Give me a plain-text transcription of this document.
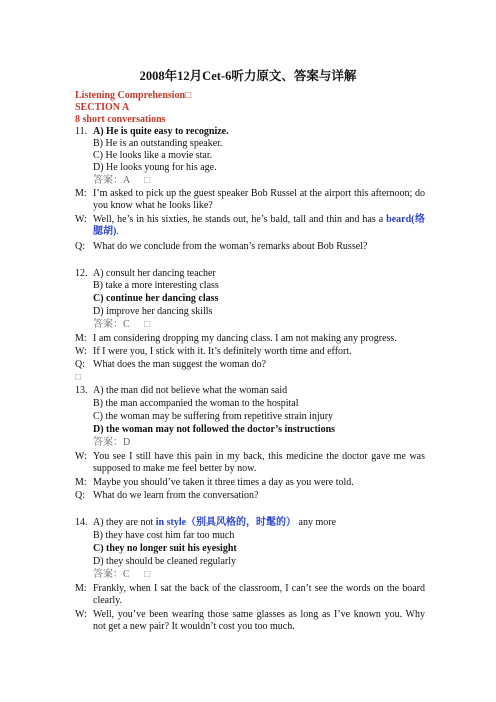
2008年12月Cet-6听力原文、答案与详解
Listening Comprehension□
SECTION A
8 short conversations
11. A) He is quite easy to recognize.
B) He is an outstanding speaker.
C) He looks like a movie star.
D) He looks young for his age.
答案：A □
M: I’m asked to pick up the guest speaker Bob Russel at the airport this afternoon; do you know what he looks like?
W: Well, he’s in his sixties, he stands out, he’s bald, tall and thin and has a beard(络腮胡).
Q: What do we conclude from the woman’s remarks about Bob Russel?
12. A) consult her dancing teacher
B) take a more interesting class
C) continue her dancing class
D) improve her dancing skills
答案：C □
M: I am considering dropping my dancing class. I am not making any progress.
W: If I were you, I stick with it. It’s definitely worth time and effort.
Q: What does the man suggest the woman do?
□
13. A) the man did not believe what the woman said
B) the man accompanied the woman to the hospital
C) the woman may be suffering from repetitive strain injury
D) the woman may not followed the doctor’s instructions
答案：D
W: You see I still have this pain in my back, this medicine the doctor gave me was supposed to make me feel better by now.
M: Maybe you should’ve taken it three times a day as you were told.
Q: What do we learn from the conversation?
14. A) they are not in style（别具风格的，时髦的） any more
B) they have cost him far too much
C) they no longer suit his eyesight
D) they should be cleaned regularly
答案：C □
M: Frankly, when I sat the back of the classroom, I can’t see the words on the board clearly.
W: Well, you’ve been wearing those same glasses as long as I’ve known you. Why not get a new pair? It wouldn’t cost you too much.
